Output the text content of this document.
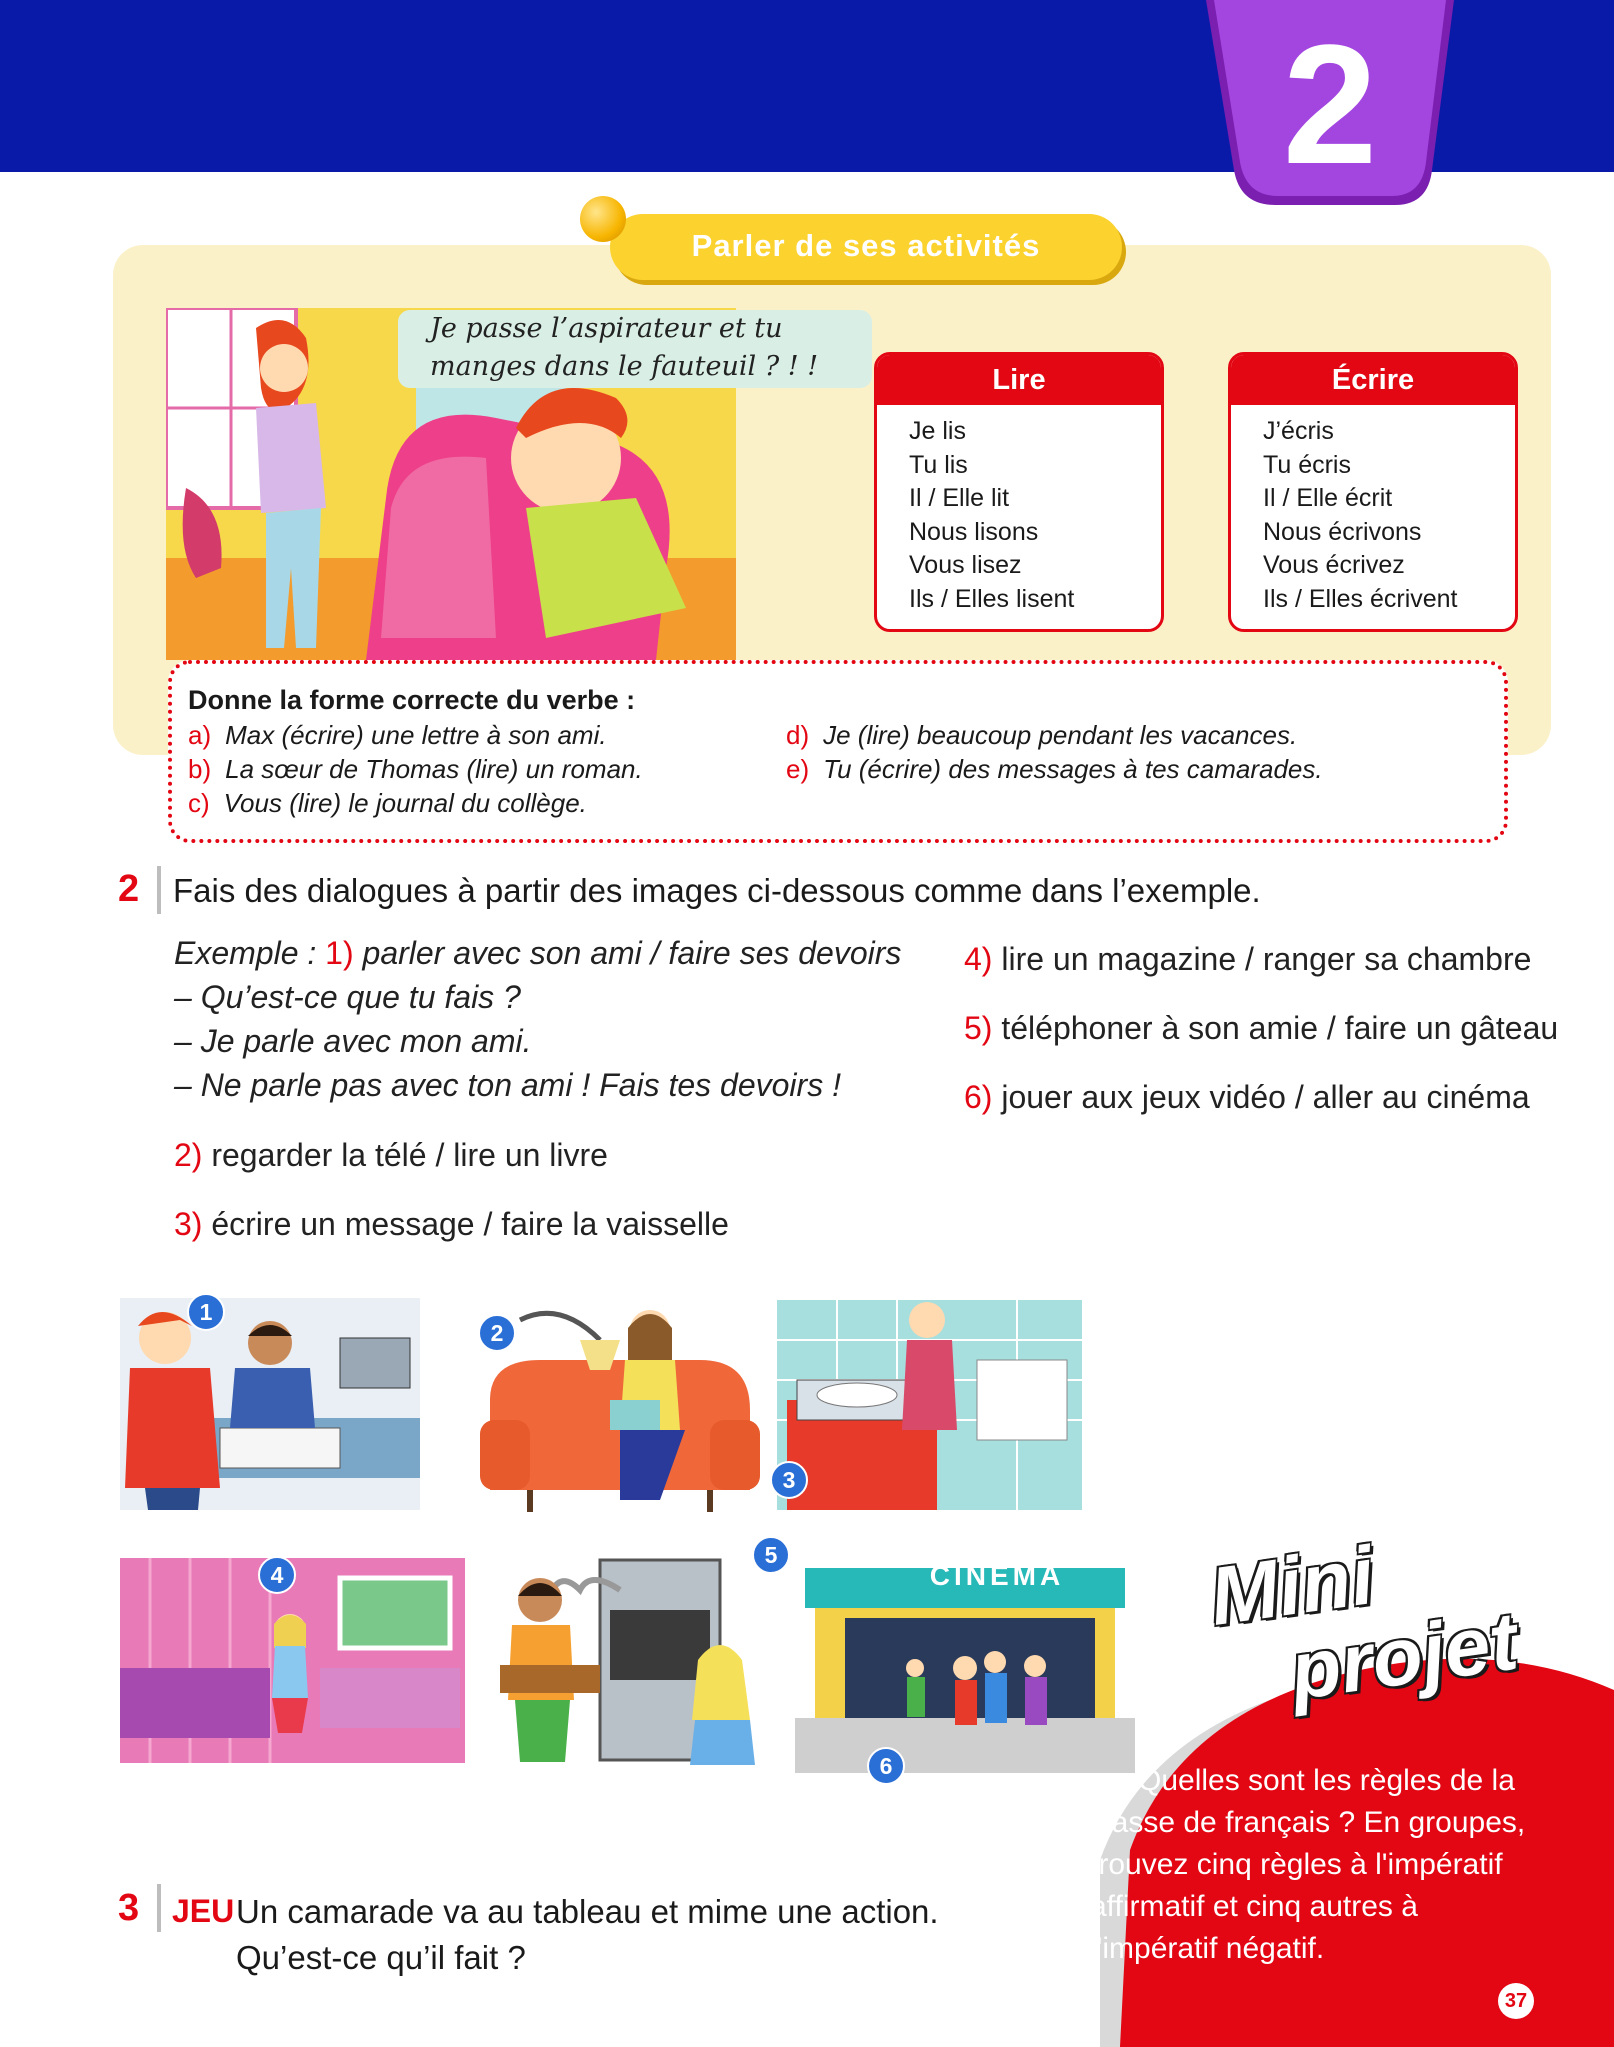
2
Parler de ses activités
Je passe l’aspirateur et tu manges dans le fauteuil ? ! !	Lire
Je lis
Tu lis
Il / Elle lit
Nous lisons
Vous lisez
Ils / Elles lisent
Écrire
J’écris
Tu écris
Il / Elle écrit
Nous écrivons
Vous écrivez
Ils / Elles écrivent
Donne la forme correcte du verbe :
a) Max (écrire) une lettre à son ami.
b) La sœur de Thomas (lire) un roman.
c) Vous (lire) le journal du collège.
d) Je (lire) beaucoup pendant les vacances.
e) Tu (écrire) des messages à tes camarades.
2 Fais des dialogues à partir des images ci-dessous comme dans l’exemple.
Exemple : 1) parler avec son ami / faire ses devoirs
– Qu’est-ce que tu fais ?
– Je parle avec mon ami.
– Ne parle pas avec ton ami ! Fais tes devoirs !
2) regarder la télé / lire un livre
3) écrire un message / faire la vaisselle
4) lire un magazine / ranger sa chambre
5) téléphoner à son amie / faire un gâteau
6) jouer aux jeux vidéo / aller au cinéma
CINÉMA
1
2
3
4
5
6
3 JEU Un camarade va au tableau et mime une action.
Qu’est-ce qu’il fait ?
Mini
projet
Quelles sont les règles de la classe de français ? En groupes, trouvez cinq règles à l'impératif affirmatif et cinq autres à l'impératif négatif.
37
